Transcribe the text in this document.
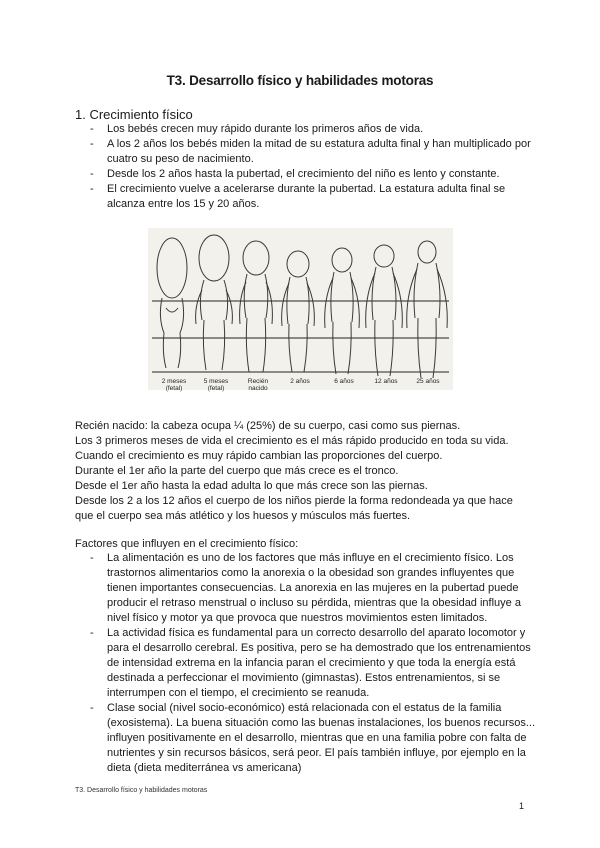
T3. Desarrollo físico y habilidades motoras
1. Crecimiento físico
- Los bebés crecen muy rápido durante los primeros años de vida.
- A los 2 años los bebés miden la mitad de su estatura adulta final y han multiplicado por cuatro su peso de nacimiento.
- Desde los 2 años hasta la pubertad, el crecimiento del niño es lento y constante.
- El crecimiento vuelve a acelerarse durante la pubertad. La estatura adulta final se alcanza entre los 15 y 20 años.
2 meses (fetal)
5 meses (fetal)
Recién nacido
2 años	6 años	12 años	25 años
Recién nacido: la cabeza ocupa ¼ (25%) de su cuerpo, casi como sus piernas.
Los 3 primeros meses de vida el crecimiento es el más rápido producido en toda su vida.
Cuando el crecimiento es muy rápido cambian las proporciones del cuerpo.
Durante el 1er año la parte del cuerpo que más crece es el tronco.
Desde el 1er año hasta la edad adulta lo que más crece son las piernas.
Desde los 2 a los 12 años el cuerpo de los niños pierde la forma redondeada ya que hace
que el cuerpo sea más atlético y los huesos y músculos más fuertes.
Factores que influyen en el crecimiento físico:
- La alimentación es uno de los factores que más influye en el crecimiento físico. Los trastornos alimentarios como la anorexia o la obesidad son grandes influyentes que tienen importantes consecuencias. La anorexia en las mujeres en la pubertad puede producir el retraso menstrual o incluso su pérdida, mientras que la obesidad influye a nivel físico y motor ya que provoca que nuestros movimientos esten limitados.
- La actividad física es fundamental para un correcto desarrollo del aparato locomotor y para el desarrollo cerebral. Es positiva, pero se ha demostrado que los entrenamientos de intensidad extrema en la infancia paran el crecimiento y que toda la energía está destinada a perfeccionar el movimiento (gimnastas). Estos entrenamientos, si se interrumpen con el tiempo, el crecimiento se reanuda.
- Clase social (nivel socio-económico) está relacionada con el estatus de la familia (exosistema). La buena situación como las buenas instalaciones, los buenos recursos... influyen positivamente en el desarrollo, mientras que en una familia pobre con falta de nutrientes y sin recursos básicos, será peor. El país también influye, por ejemplo en la dieta (dieta mediterránea vs americana)
T3. Desarrollo físico y habilidades motoras
1
